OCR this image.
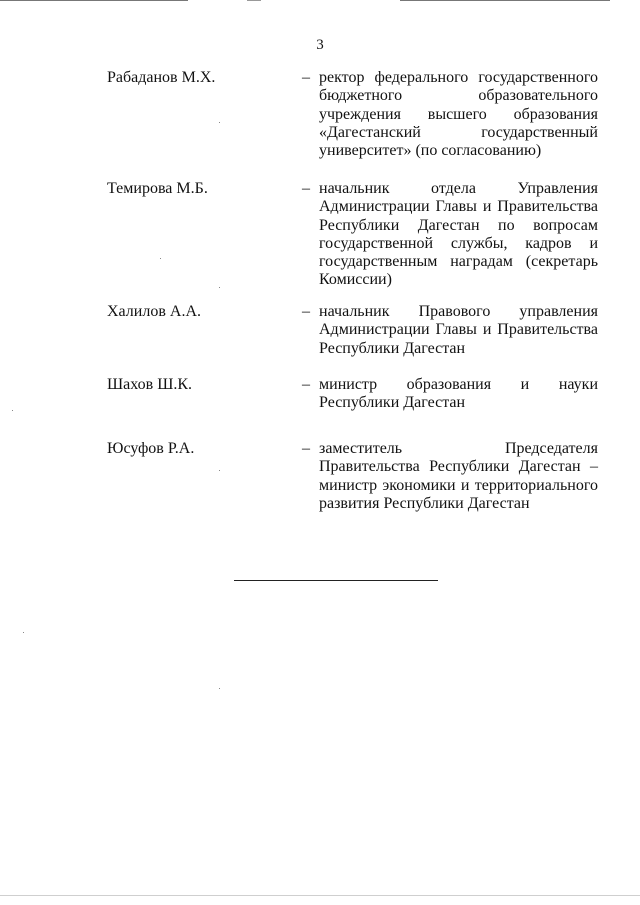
3
Рабаданов М.Х.	– ректор федерального государственного бюджетного образовательного учреждения высшего образования «Дагестанский государственный университет» (по согласованию)
Темирова М.Б.	– начальник отдела Управления Администрации Главы и Правительства Республики Дагестан по вопросам государственной службы, кадров и государственным наградам (секретарь Комиссии)
Халилов А.А.	– начальник Правового управления Администрации Главы и Правительства Республики Дагестан
Шахов Ш.К.	– министр образования и науки Республики Дагестан
Юсуфов Р.А.	– заместитель Председателя Правительства Республики Дагестан – министр экономики и территориального развития Республики Дагестан
